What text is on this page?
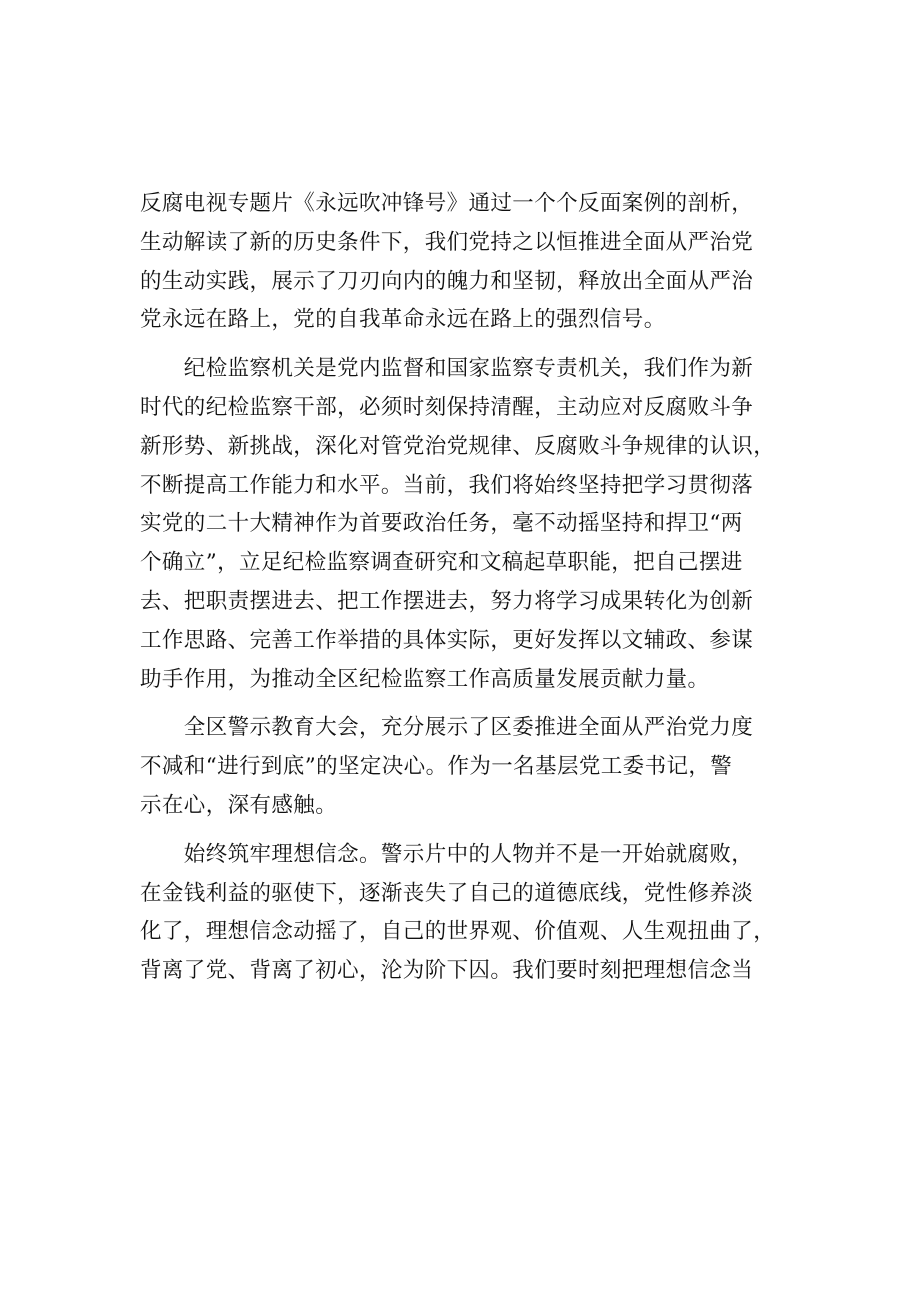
反腐电视专题片《永远吹冲锋号》通过一个个反面案例的剖析，
生动解读了新的历史条件下，我们党持之以恒推进全面从严治党
的生动实践，展示了刀刃向内的魄力和坚韧，释放出全面从严治
党永远在路上，党的自我革命永远在路上的强烈信号。
　　纪检监察机关是党内监督和国家监察专责机关，我们作为新
时代的纪检监察干部，必须时刻保持清醒，主动应对反腐败斗争
新形势、新挑战，深化对管党治党规律、反腐败斗争规律的认识，
不断提高工作能力和水平。当前，我们将始终坚持把学习贯彻落
实党的二十大精神作为首要政治任务，毫不动摇坚持和捍卫“两
个确立”，立足纪检监察调查研究和文稿起草职能，把自己摆进
去、把职责摆进去、把工作摆进去，努力将学习成果转化为创新
工作思路、完善工作举措的具体实际，更好发挥以文辅政、参谋
助手作用，为推动全区纪检监察工作高质量发展贡献力量。
　　全区警示教育大会，充分展示了区委推进全面从严治党力度
不减和“进行到底”的坚定决心。作为一名基层党工委书记，警
示在心，深有感触。
　　始终筑牢理想信念。警示片中的人物并不是一开始就腐败，
在金钱利益的驱使下，逐渐丧失了自己的道德底线，党性修养淡
化了，理想信念动摇了，自己的世界观、价值观、人生观扭曲了，
背离了党、背离了初心，沦为阶下囚。我们要时刻把理想信念当
